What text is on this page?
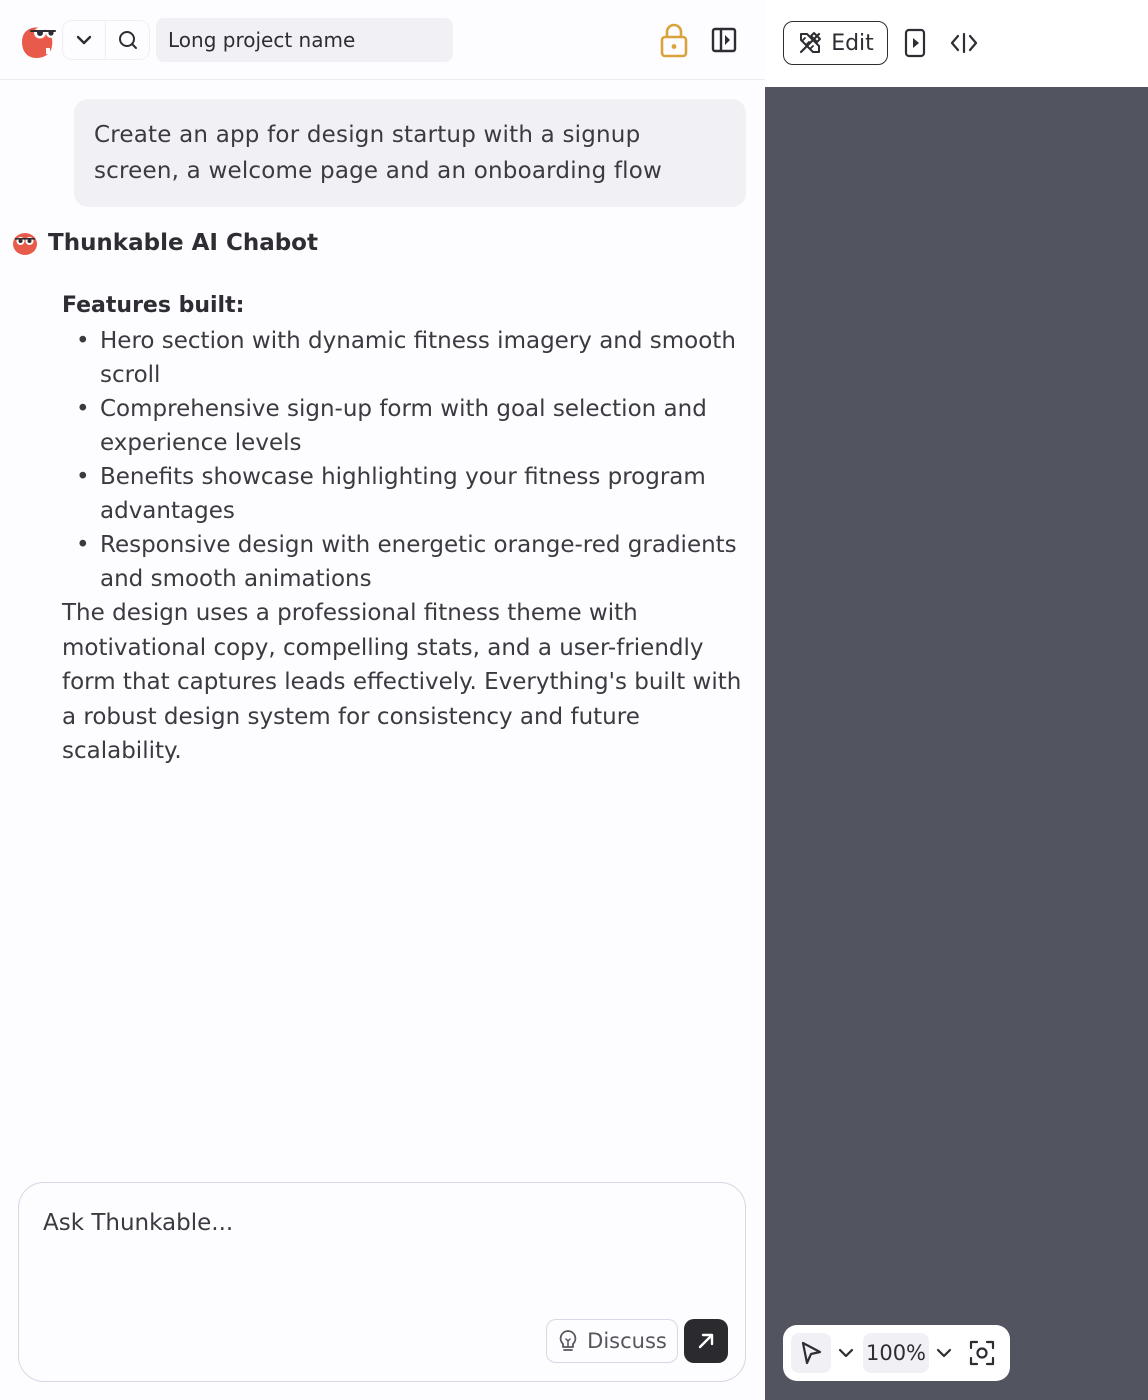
Long project name
Create an app for design startup with a signup screen, a welcome page and an onboarding flow
Thunkable AI Chabot
Features built:
• Hero section with dynamic fitness imagery and smooth scroll
• Comprehensive sign-up form with goal selection and experience levels
• Benefits showcase highlighting your fitness program advantages
• Responsive design with energetic orange-red gradients and smooth animations

The design uses a professional fitness theme with motivational copy, compelling stats, and a user-friendly form that captures leads effectively. Everything's built with a robust design system for consistency and future scalability.

Ask Thunkable...
Discuss
Edit
100%
